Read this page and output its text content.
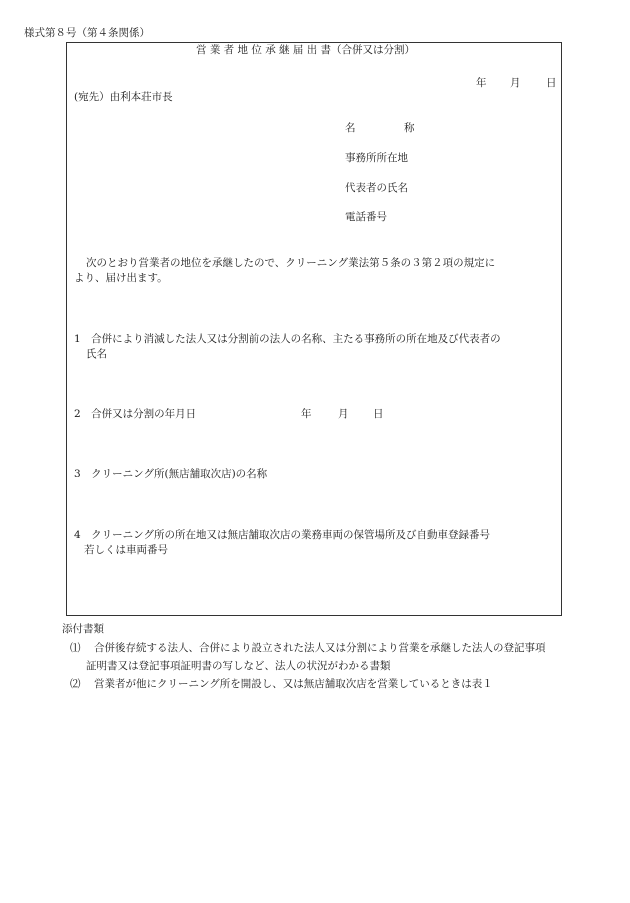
様式第８号（第４条関係）
営 業 者 地 位 承 継 届 出 書（合併又は分割）
年 月 日
(宛先）由利本荘市長
名	称
事務所所在地
代表者の氏名
電話番号
次のとおり営業者の地位を承継したので、クリーニング業法第５条の３第２項の規定に
より、届け出ます。
1　合併により消滅した法人又は分割前の法人の名称、主たる事務所の所在地及び代表者の
氏名
2　合併又は分割の年月日	年	月 日
3　クリーニング所(無店舗取次店)の名称
4　クリーニング所の所在地又は無店舗取次店の業務車両の保管場所及び自動車登録番号
若しくは車両番号
添付書類
⑴ 合併後存続する法人、合併により設立された法人又は分割により営業を承継した法人の登記事項
証明書又は登記事項証明書の写しなど、法人の状況がわかる書類
⑵ 営業者が他にクリーニング所を開設し、又は無店舗取次店を営業しているときは表１
